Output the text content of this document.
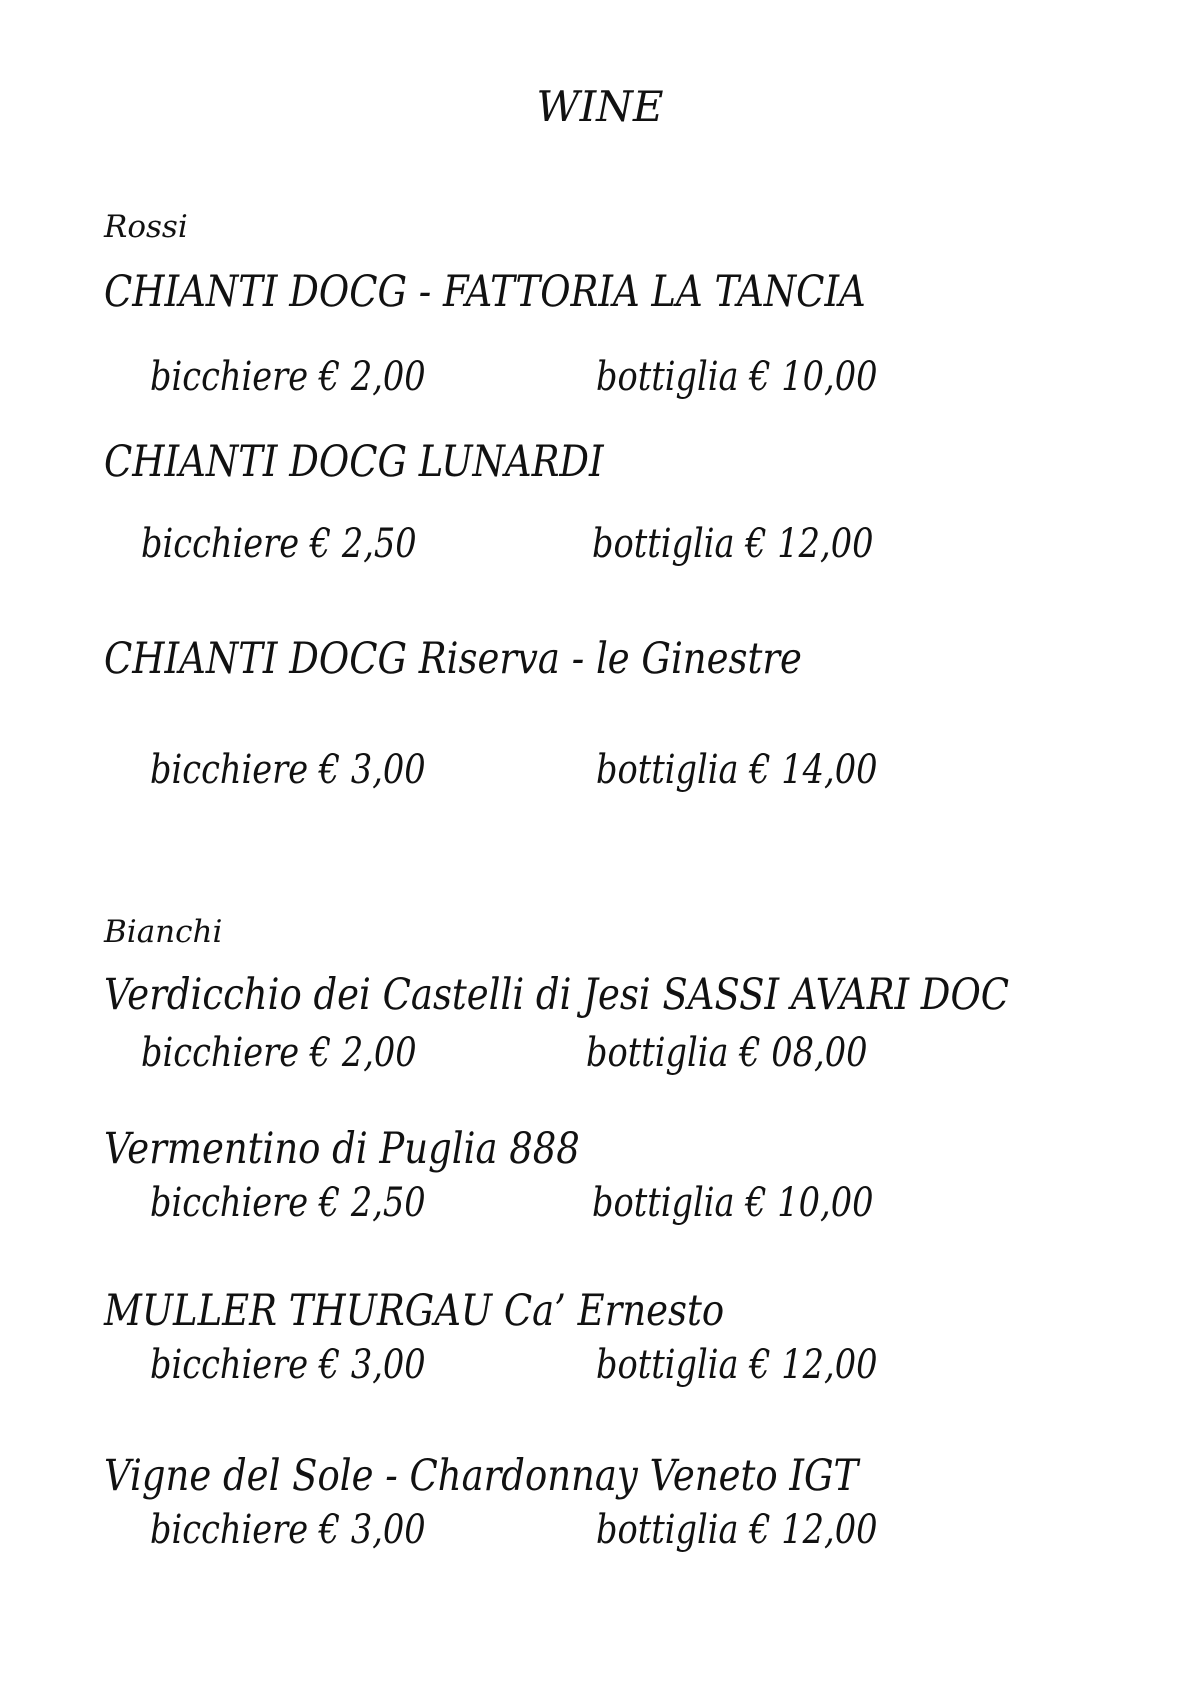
WINE
Rossi
CHIANTI DOCG - FATTORIA LA TANCIA
bicchiere € 2,00	bottiglia € 10,00
CHIANTI DOCG LUNARDI
bicchiere € 2,50	bottiglia € 12,00
CHIANTI DOCG Riserva - le Ginestre
bicchiere € 3,00	bottiglia € 14,00
Bianchi
Verdicchio dei Castelli di Jesi SASSI AVARI DOC
bicchiere € 2,00	bottiglia € 08,00
Vermentino di Puglia 888
bicchiere € 2,50	bottiglia € 10,00
MULLER THURGAU Ca’ Ernesto
bicchiere € 3,00	bottiglia € 12,00
Vigne del Sole - Chardonnay Veneto IGT
bicchiere € 3,00	bottiglia € 12,00
